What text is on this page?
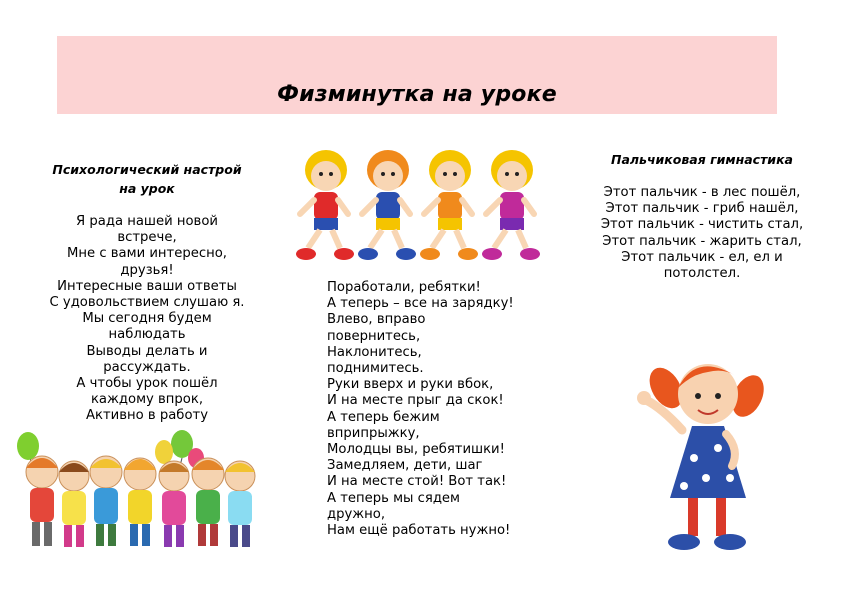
Физминутка на уроке
Психологический настрой
на урок
Я рада нашей новой
встрече,
Мне с вами интересно,
друзья!
Интересные ваши ответы
С удовольствием слушаю я.
Мы сегодня будем
наблюдать
Выводы делать и
рассуждать.
А чтобы урок пошёл
каждому впрок,
Активно в работу
Поработали, ребятки!
А теперь – все на зарядку!
Влево, вправо
повернитесь,
Наклонитесь,
поднимитесь.
Руки вверх и руки вбок,
И на месте прыг да скок!
А теперь бежим
вприпрыжку,
Молодцы вы, ребятишки!
Замедляем, дети, шаг
И на месте стой! Вот так!
А теперь мы сядем
дружно,
Нам ещё работать нужно!
Пальчиковая гимнастика
Этот пальчик - в лес пошёл,
Этот пальчик - гриб нашёл,
Этот пальчик - чистить стал,
Этот пальчик - жарить стал,
Этот пальчик - ел, ел и
потолстел.
